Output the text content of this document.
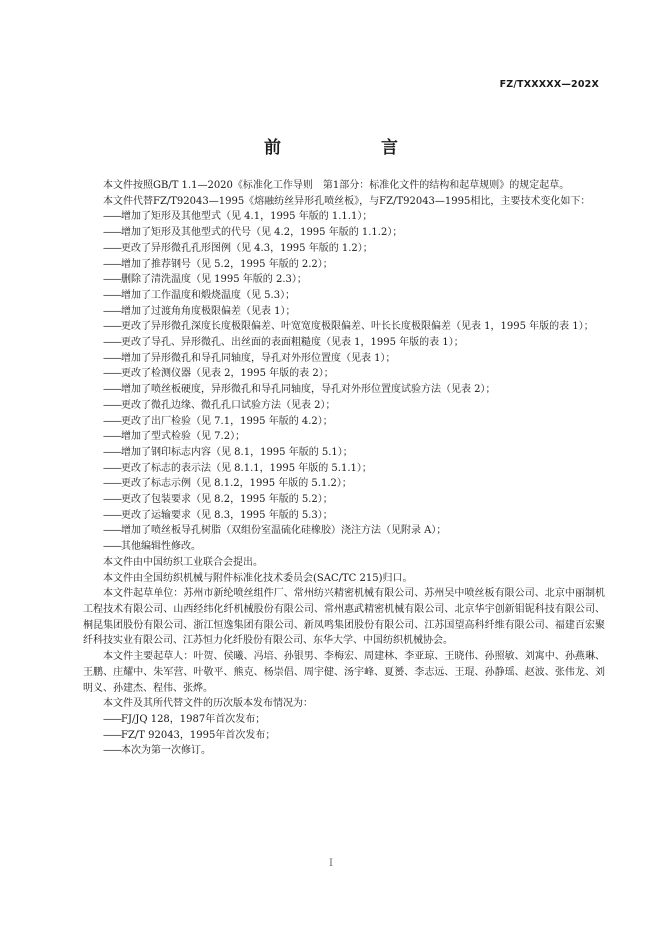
FZ/TXXXXX—202X
前　　言

本文件按照GB/T 1.1—2020《标准化工作导则　第1部分：标准化文件的结构和起草规则》的规定起草。

本文件代替FZ/T92043—1995《熔融纺丝异形孔喷丝板》，与FZ/T92043—1995相比，主要技术变化如下：

——增加了矩形及其他型式（见 4.1，1995 年版的 1.1.1）；

——增加了矩形及其他型式的代号（见 4.2，1995 年版的 1.1.2）；

——更改了异形微孔孔形图例（见 4.3，1995 年版的 1.2）；

——增加了推荐钢号（见 5.2，1995 年版的 2.2）；

——删除了清洗温度（见 1995 年版的 2.3）；

——增加了工作温度和煅烧温度（见 5.3）；

——增加了过渡角角度极限偏差（见表 1）；

——更改了异形微孔深度长度极限偏差、叶宽宽度极限偏差、叶长长度极限偏差（见表 1，1995 年版的表 1）；

——更改了导孔、异形微孔、出丝面的表面粗糙度（见表 1，1995 年版的表 1）；

——增加了异形微孔和导孔同轴度，导孔对外形位置度（见表 1）；

——更改了检测仪器（见表 2，1995 年版的表 2）；

——增加了喷丝板硬度，异形微孔和导孔同轴度，导孔对外形位置度试验方法（见表 2）；

——更改了微孔边缘、微孔孔口试验方法（见表 2）；

——更改了出厂检验（见 7.1，1995 年版的 4.2）；

——增加了型式检验（见 7.2）；

——增加了钢印标志内容（见 8.1，1995 年版的 5.1）；

——更改了标志的表示法（见 8.1.1，1995 年版的 5.1.1）；

——更改了标志示例（见 8.1.2，1995 年版的 5.1.2）；

——更改了包装要求（见 8.2，1995 年版的 5.2）；

——更改了运输要求（见 8.3，1995 年版的 5.3）；

——增加了喷丝板导孔树脂（双组份室温硫化硅橡胶）浇注方法（见附录 A）；

——其他编辑性修改。

本文件由中国纺织工业联合会提出。

本文件由全国纺织机械与附件标准化技术委员会(SAC/TC 215)归口。

本文件起草单位：苏州市新纶喷丝组件厂、常州纺兴精密机械有限公司、苏州吴中喷丝板有限公司、北京中丽制机工程技术有限公司、山西经纬化纤机械股份有限公司、常州惠武精密机械有限公司、北京华宇创新钼铌科技有限公司、桐昆集团股份有限公司、浙江恒逸集团有限公司、新凤鸣集团股份有限公司、江苏国望高科纤维有限公司、福建百宏聚纤科技实业有限公司、江苏恒力化纤股份有限公司、东华大学、中国纺织机械协会。

本文件主要起草人：叶贺、侯曦、冯培、孙银男、李梅宏、周建林、李亚琼、王晓伟、孙照敏、刘寓中、孙燕琳、王鹏、庄耀中、朱军营、叶敬平、熊克、杨崇倡、周宇健、汤宇峰、夏赟、李志远、王琨、孙静瑶、赵波、张伟龙、刘明义、孙建杰、程伟、张烨。

本文件及其所代替文件的历次版本发布情况为：

——FJ/JQ 128，1987年首次发布；

——FZ/T 92043，1995年首次发布；

——本次为第一次修订。

I
